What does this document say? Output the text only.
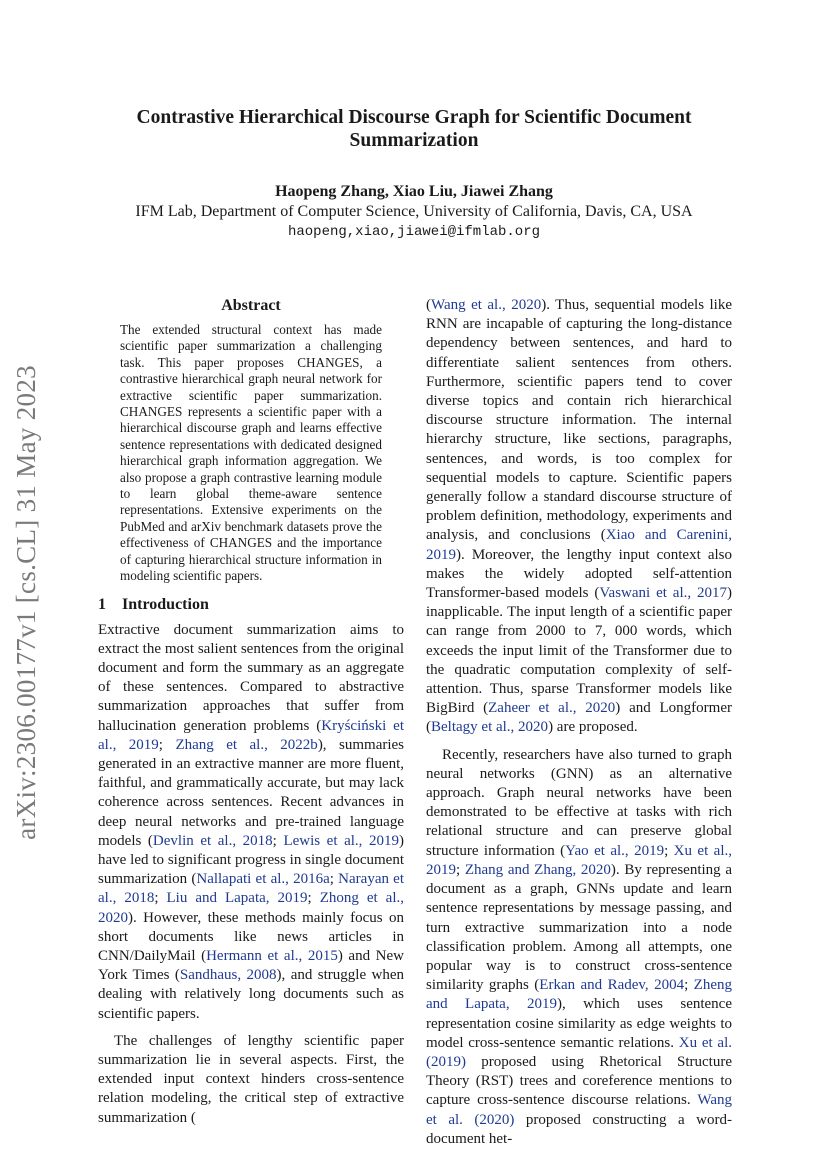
arXiv:2306.00177v1 [cs.CL] 31 May 2023
Contrastive Hierarchical Discourse Graph for Scientific Document Summarization
Haopeng Zhang, Xiao Liu, Jiawei Zhang
IFM Lab, Department of Computer Science, University of California, Davis, CA, USA
haopeng,xiao,jiawei@ifmlab.org
Abstract
The extended structural context has made scientific paper summarization a challenging task. This paper proposes CHANGES, a contrastive hierarchical graph neural network for extractive scientific paper summarization. CHANGES represents a scientific paper with a hierarchical discourse graph and learns effective sentence representations with dedicated designed hierarchical graph information aggregation. We also propose a graph contrastive learning module to learn global theme-aware sentence representations. Extensive experiments on the PubMed and arXiv benchmark datasets prove the effectiveness of CHANGES and the importance of capturing hierarchical structure information in modeling scientific papers.
1 Introduction

Extractive document summarization aims to extract the most salient sentences from the original document and form the summary as an aggregate of these sentences. Compared to abstractive summarization approaches that suffer from hallucination generation problems (Kryściński et al., 2019; Zhang et al., 2022b), summaries generated in an extractive manner are more fluent, faithful, and grammatically accurate, but may lack coherence across sentences. Recent advances in deep neural networks and pre-trained language models (Devlin et al., 2018; Lewis et al., 2019) have led to significant progress in single document summarization (Nallapati et al., 2016a; Narayan et al., 2018; Liu and Lapata, 2019; Zhong et al., 2020). However, these methods mainly focus on short documents like news articles in CNN/DailyMail (Hermann et al., 2015) and New York Times (Sandhaus, 2008), and struggle when dealing with relatively long documents such as scientific papers.

The challenges of lengthy scientific paper summarization lie in several aspects. First, the extended input context hinders cross-sentence relation modeling, the critical step of extractive summarization (

(Wang et al., 2020). Thus, sequential models like RNN are incapable of capturing the long-distance dependency between sentences, and hard to differentiate salient sentences from others. Furthermore, scientific papers tend to cover diverse topics and contain rich hierarchical discourse structure information. The internal hierarchy structure, like sections, paragraphs, sentences, and words, is too complex for sequential models to capture. Scientific papers generally follow a standard discourse structure of problem definition, methodology, experiments and analysis, and conclusions (Xiao and Carenini, 2019). Moreover, the lengthy input context also makes the widely adopted self-attention Transformer-based models (Vaswani et al., 2017) inapplicable. The input length of a scientific paper can range from 2000 to 7, 000 words, which exceeds the input limit of the Transformer due to the quadratic computation complexity of self-attention. Thus, sparse Transformer models like BigBird (Zaheer et al., 2020) and Longformer (Beltagy et al., 2020) are proposed.

Recently, researchers have also turned to graph neural networks (GNN) as an alternative approach. Graph neural networks have been demonstrated to be effective at tasks with rich relational structure and can preserve global structure information (Yao et al., 2019; Xu et al., 2019; Zhang and Zhang, 2020). By representing a document as a graph, GNNs update and learn sentence representations by message passing, and turn extractive summarization into a node classification problem. Among all attempts, one popular way is to construct cross-sentence similarity graphs (Erkan and Radev, 2004; Zheng and Lapata, 2019), which uses sentence representation cosine similarity as edge weights to model cross-sentence semantic relations. Xu et al. (2019) proposed using Rhetorical Structure Theory (RST) trees and coreference mentions to capture cross-sentence discourse relations. Wang et al. (2020) proposed constructing a word-document het-
